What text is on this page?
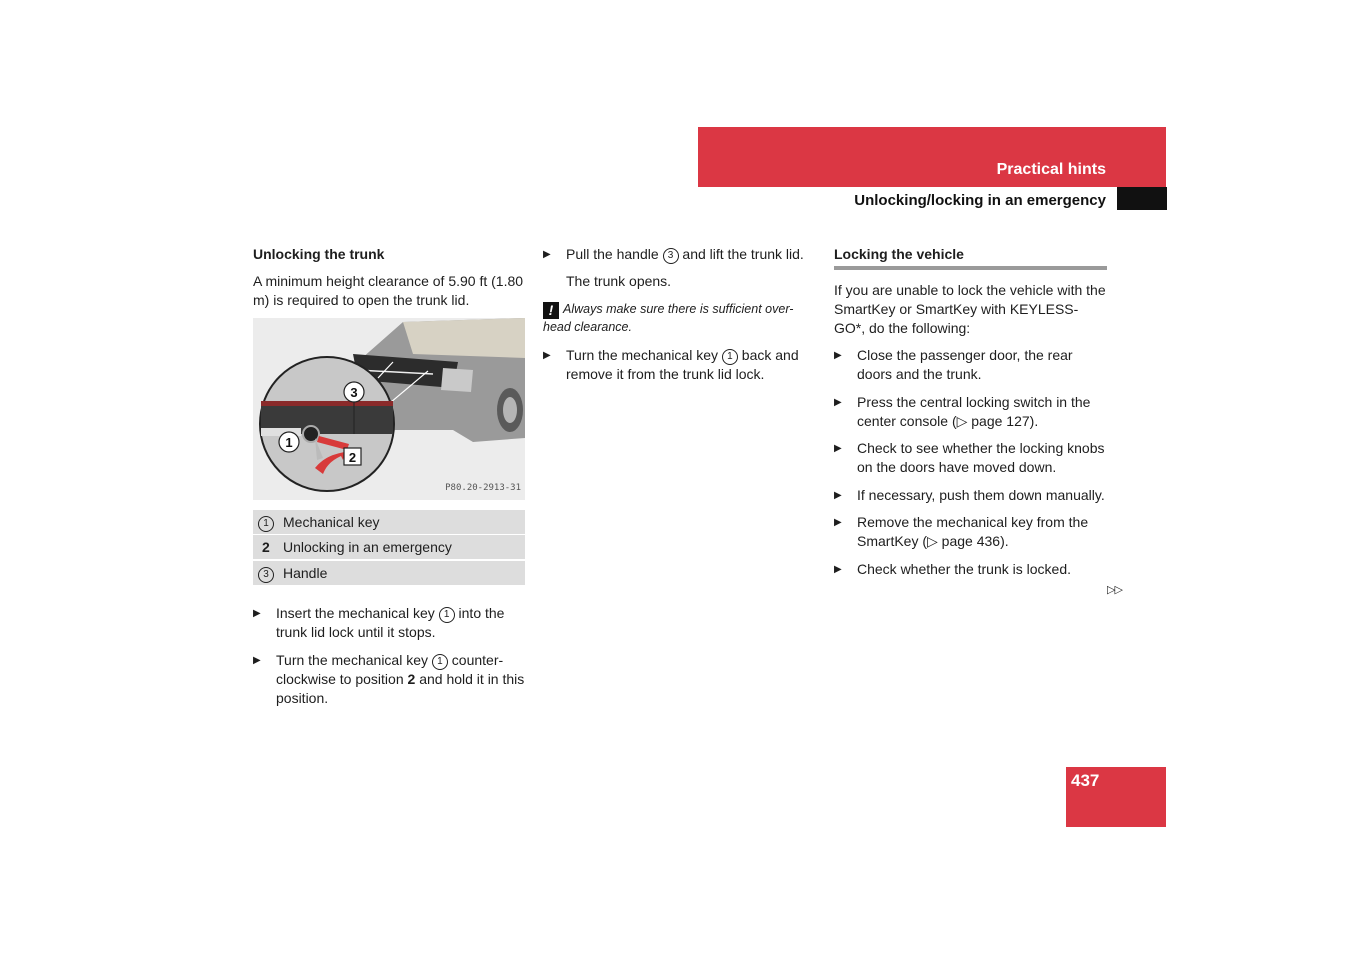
Practical hints
Unlocking/locking in an emergency
Unlocking the trunk

A minimum height clearance of 5.90 ft (1.80 m) is required to open the trunk lid.

3
1
2
P80.20-2913-31
1	Mechanical key
2 Unlocking in an emergency
3	Handle
▶ Insert the mechanical key 1 into the trunk lid lock until it stops.
▶ Turn the mechanical key 1 counter-clockwise to position 2 and hold it in this position.
▶ Pull the handle 3 and lift the trunk lid.

The trunk opens.

! Always make sure there is sufficient over-head clearance.

▶ Turn the mechanical key 1 back and remove it from the trunk lid lock.
Locking the vehicle

If you are unable to lock the vehicle with the SmartKey or SmartKey with KEYLESS-GO*, do the following:

▶ Close the passenger door, the rear doors and the trunk.
▶ Press the central locking switch in the center console (▷ page 127).
▶ Check to see whether the locking knobs on the doors have moved down.
▶ If necessary, push them down manually.
▶ Remove the mechanical key from the SmartKey (▷ page 436).
▶ Check whether the trunk is locked.
▷▷
437
